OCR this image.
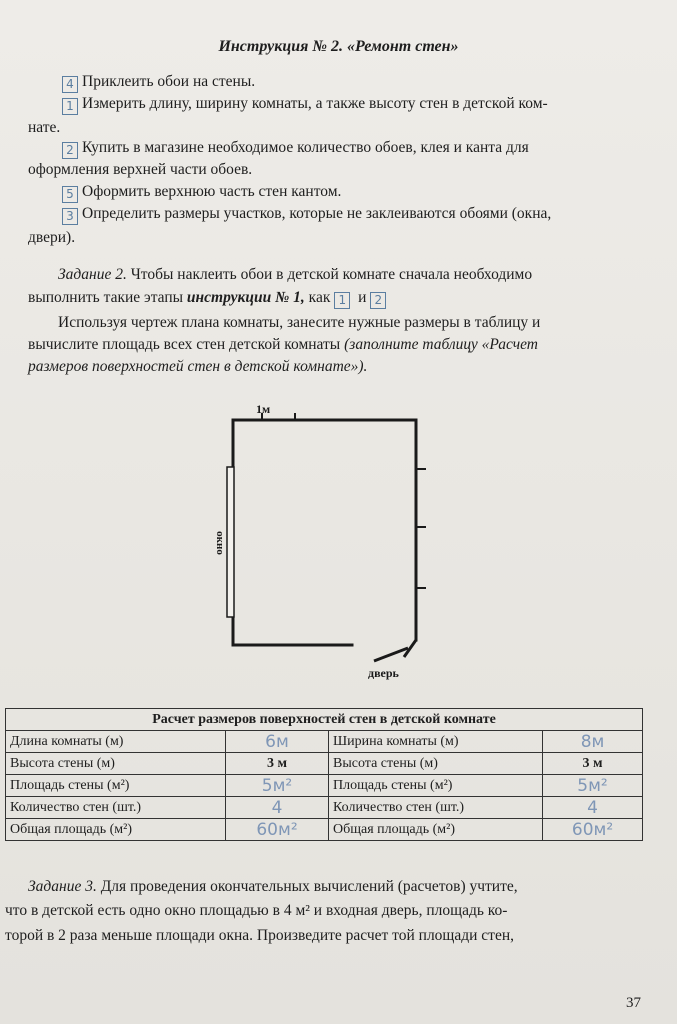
Инструкция № 2. «Ремонт стен»
4 Приклеить обои на стены.
1 Измерить длину, ширину комнаты, а также высоту стен в детской ком-
нате.
2 Купить в магазине необходимое количество обоев, клея и канта для
оформления верхней части обоев.
5 Оформить верхнюю часть стен кантом.
3 Определить размеры участков, которые не заклеиваются обоями (окна,
двери).
Задание 2. Чтобы наклеить обои в детской комнате сначала необходимо
выполнить такие этапы инструкции № 1, как 1 и 2
Используя чертеж плана комнаты, занесите нужные размеры в таблицу и
вычислите площадь всех стен детской комнаты (заполните таблицу «Расчет
размеров поверхностей стен в детской комнате»).
1м
окно
дверь
Расчет размеров поверхностей стен в детской комнате			
Длина комнаты (м)	6м	Ширина комнаты (м)	8м
Высота стены (м)	3 м	Высота стены (м)	3 м
Площадь стены (м²)	5м²	Площадь стены (м²)	5м²
Количество стен (шт.)	4	Количество стен (шт.)	4
Общая площадь (м²)	60м²	Общая площадь (м²)	60м²
Задание 3. Для проведения окончательных вычислений (расчетов) учтите,
что в детской есть одно окно площадью в 4 м² и входная дверь, площадь ко-
торой в 2 раза меньше площади окна. Произведите расчет той площади стен,
37
